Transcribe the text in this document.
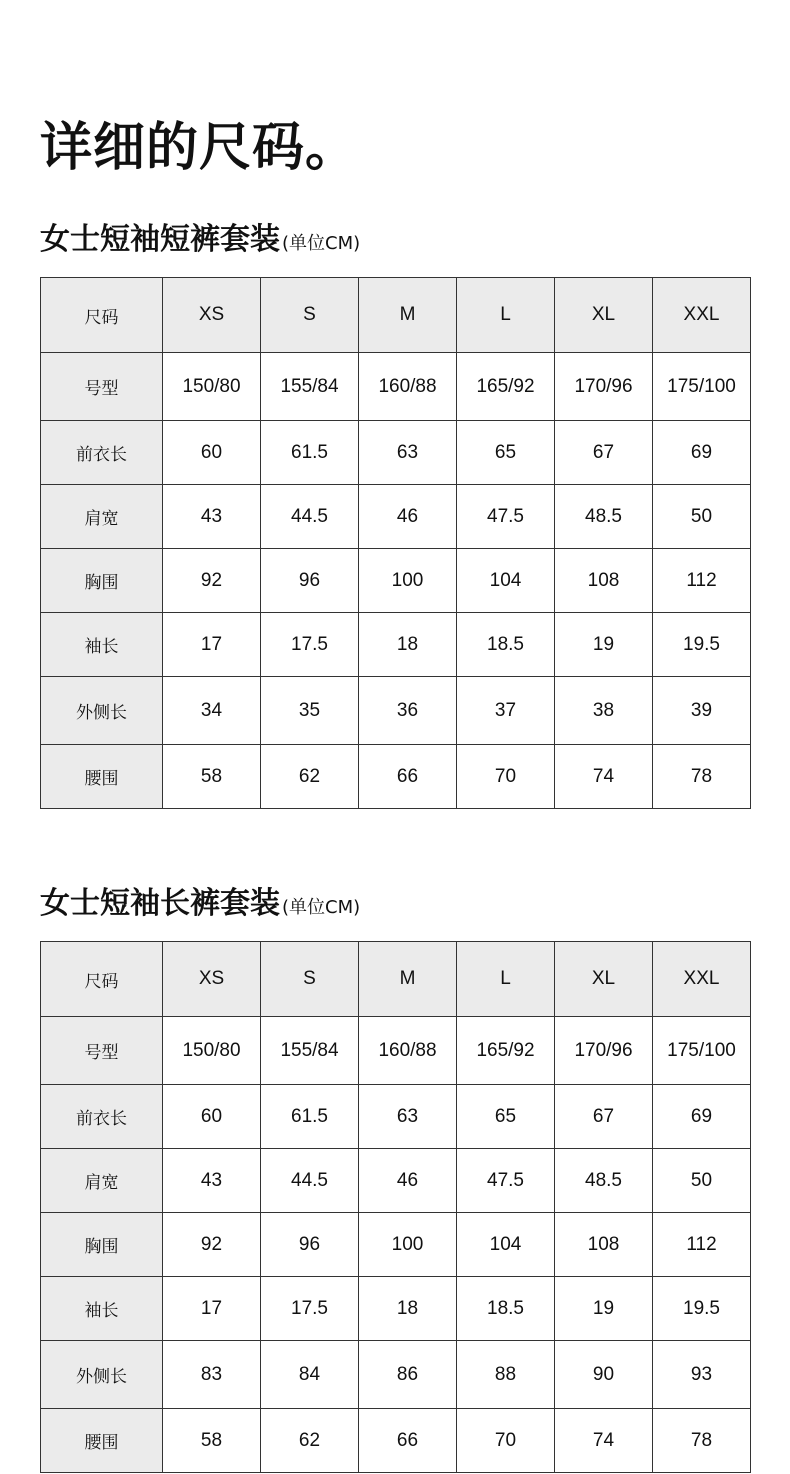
详细的尺码。
女士短袖短裤套装 (单位CM)
尺码	XS	S	M	L	XL	XXL
号型	150/80	155/84	160/88	165/92	170/96	175/100
前衣长	60	61.5	63	65	67	69
肩宽	43	44.5	46	47.5	48.5	50
胸围	92	96	100	104	108	112
袖长	17	17.5	18	18.5	19	19.5
外侧长	34	35	36	37	38	39
腰围	58	62	66	70	74	78
女士短袖长裤套装 (单位CM)
尺码	XS	S	M	L	XL	XXL
号型	150/80	155/84	160/88	165/92	170/96	175/100
前衣长	60	61.5	63	65	67	69
肩宽	43	44.5	46	47.5	48.5	50
胸围	92	96	100	104	108	112
袖长	17	17.5	18	18.5	19	19.5
外侧长	83	84	86	88	90	93
腰围	58	62	66	70	74	78
